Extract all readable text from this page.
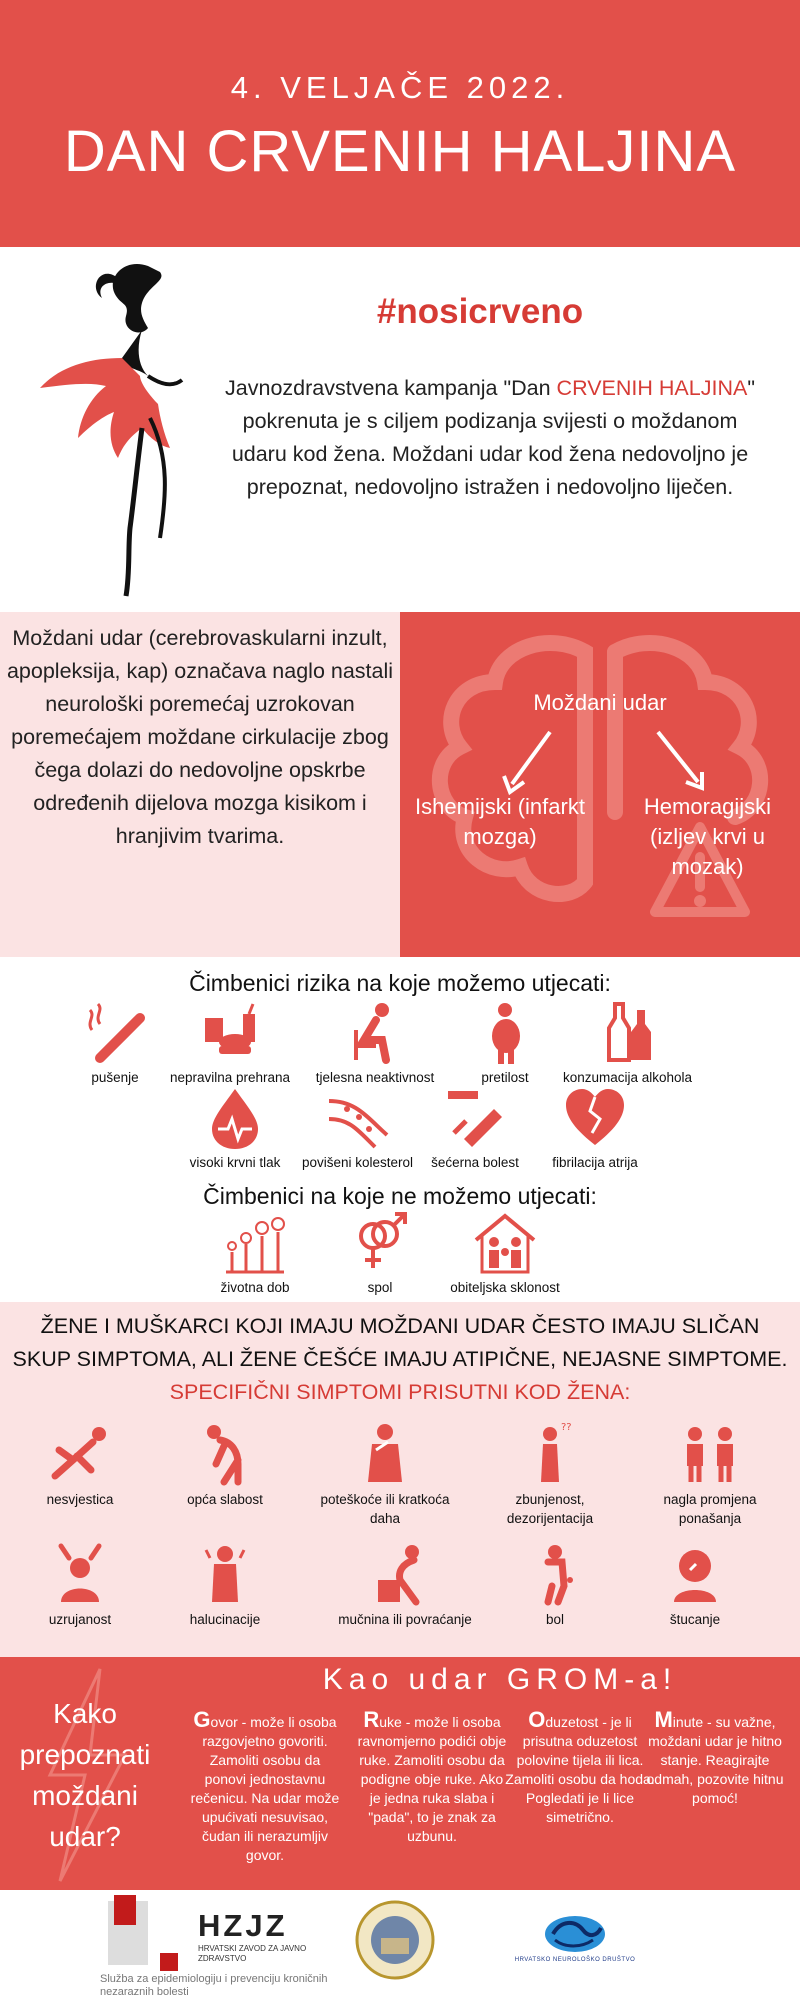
4. VELJAČE 2022.
DAN CRVENIH HALJINA
#nosicrveno
Javnozdravstvena kampanja "Dan CRVENIH HALJINA" pokrenuta je s ciljem podizanja svijesti o moždanom udaru kod žena. Moždani udar kod žena nedovoljno je prepoznat, nedovoljno istražen i nedovoljno liječen.
Moždani udar (cerebrovaskularni inzult, apopleksija, kap) označava naglo nastali neurološki poremećaj uzrokovan poremećajem moždane cirkulacije zbog čega dolazi do nedovoljne opskrbe određenih dijelova mozga kisikom i hranjivim tvarima.
Moždani udar
Ishemijski (infarkt mozga)
Hemoragijski (izljev krvi u mozak)
Čimbenici rizika na koje možemo utjecati:
pušenje nepravilna prehrana tjelesna neaktivnost	pretilost	konzumacija alkohola
visoki krvni tlak povišeni kolesterol šećerna bolest fibrilacija atrija
Čimbenici na koje ne možemo utjecati:
životna dob	spol	obiteljska sklonost
ŽENE I MUŠKARCI KOJI IMAJU MOŽDANI UDAR ČESTO IMAJU SLIČAN SKUP SIMPTOMA, ALI ŽENE ČEŠĆE IMAJU ATIPIČNE, NEJASNE SIMPTOME. SPECIFIČNI SIMPTOMI PRISUTNI KOD ŽENA:
nesvjestica	opća slabost	poteškoće ili kratkoća daha
??
zbunjenost, dezorijentacija
nagla promjena ponašanja
uzrujanost	halucinacije	mučnina ili povraćanje	bol	štucanje
Kao udar GROM-a!
Kako prepoznati moždani udar?
Govor - može li osoba razgovjetno govoriti. Zamoliti osobu da ponovi jednostavnu rečenicu. Na udar može upućivati nesuvisao, čudan ili nerazumljiv govor.
Ruke - može li osoba ravnomjerno podići obje ruke. Zamoliti osobu da podigne obje ruke. Ako je jedna ruka slaba i "pada", to je znak za uzbunu.
Oduzetost - je li prisutna oduzetost polovine tijela ili lica. Zamoliti osobu da hoda. Pogledati je li lice simetrično.
Minute - su važne, moždani udar je hitno stanje. Reagirajte odmah, pozovite hitnu pomoć!
HZJZ
HRVATSKI ZAVOD ZA JAVNO ZDRAVSTVO
Služba za epidemiologiju i prevenciju kroničnih nezaraznih bolesti
HRVATSKO NEUROLOŠKO DRUŠTVO
